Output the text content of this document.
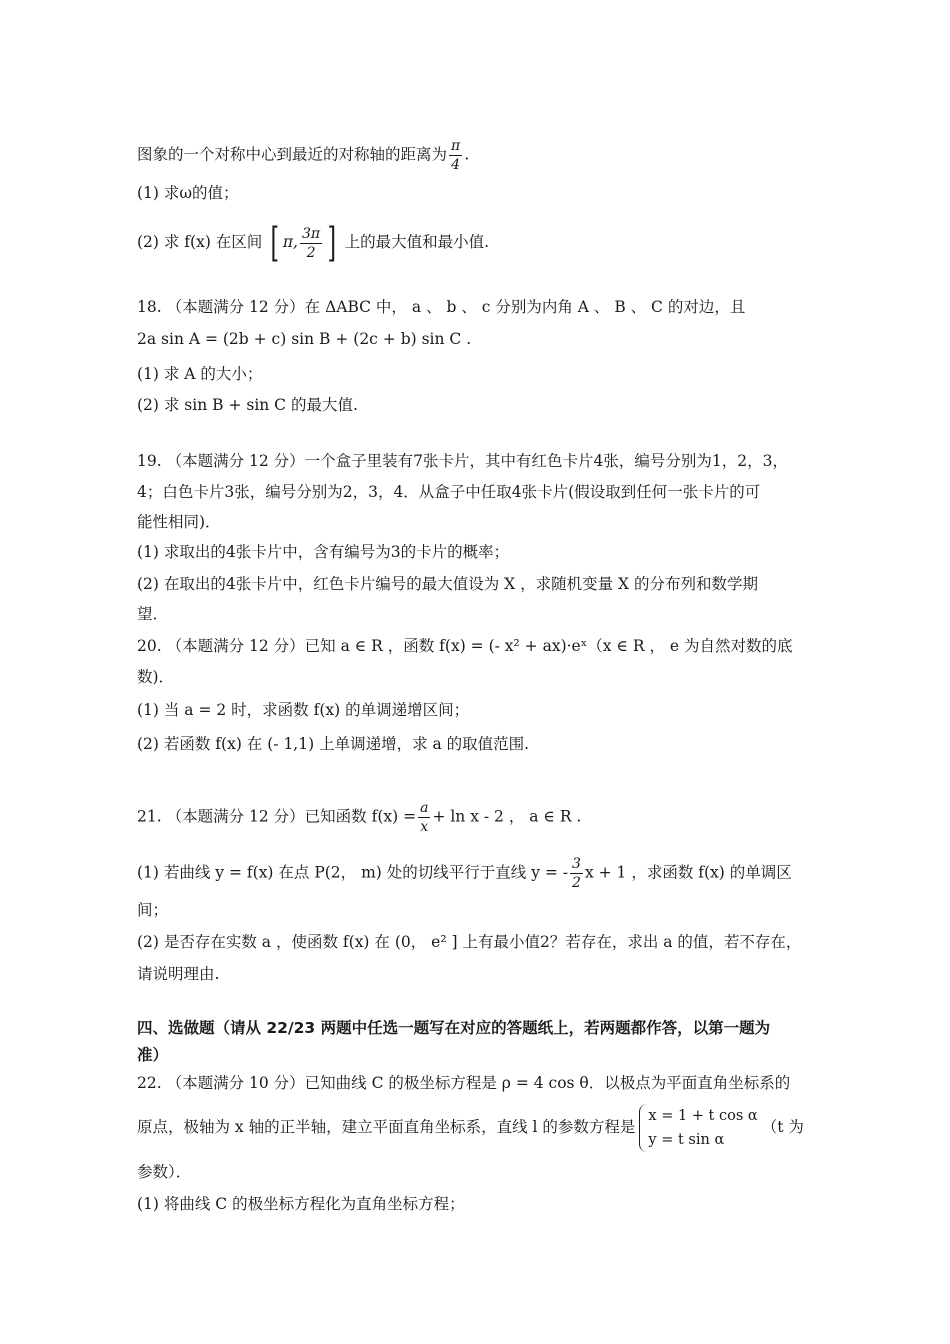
图象的一个对称中心到最近的对称轴的距离为 $\frac{\pi}{4}$ .
(1) 求ω的值；
(2) 求 f(x) 在区间 [ π, $\frac{3\pi}{2}$ ] 上的最大值和最小值.
18. （本题满分 12 分）在 ΔABC 中， a 、 b 、 c 分别为内角 A 、 B 、 C 的对边，且
2a sin A = (2b + c) sin B + (2c + b) sin C .
(1) 求 A 的大小；
(2) 求 sin B + sin C 的最大值.
19. （本题满分 12 分）一个盒子里装有7张卡片，其中有红色卡片4张，编号分别为1，2，3，
4；白色卡片3张，编号分别为2，3，4．从盒子中任取4张卡片(假设取到任何一张卡片的可
能性相同)．
(1) 求取出的4张卡片中，含有编号为3的卡片的概率；
(2) 在取出的4张卡片中，红色卡片编号的最大值设为 X ，求随机变量 X 的分布列和数学期
望．
20. （本题满分 12 分）已知 a ∈ R ，函数 f(x) = (- x² + ax)·eˣ（x ∈ R ， e 为自然对数的底
数)．
(1) 当 a = 2 时，求函数 f(x) 的单调递增区间；
(2) 若函数 f(x) 在 (- 1,1) 上单调递增，求 a 的取值范围.
21. （本题满分 12 分）已知函数 $f(x) = \frac{a}{x} + \ln x - 2$ ， a ∈ R .
(1) 若曲线 y = f(x) 在点 P(2， m) 处的切线平行于直线 y = - $\frac{3}{2}$ x + 1 ，求函数 f(x) 的单调区
间；
(2) 是否存在实数 a ，使函数 f(x) 在 (0， e² ] 上有最小值2？若存在，求出 a 的值，若不存在，
请说明理由.
四、选做题（请从 22/23 两题中任选一题写在对应的答题纸上，若两题都作答，以第一题为
准）
22. （本题满分 10 分）已知曲线 C 的极坐标方程是 ρ = 4 cos θ．以极点为平面直角坐标系的
原点，极轴为 x 轴的正半轴，建立平面直角坐标系，直线 l 的参数方程是
x = 1 + t cos α
y = t sin α
（t 为
参数）．
(1) 将曲线 C 的极坐标方程化为直角坐标方程；
